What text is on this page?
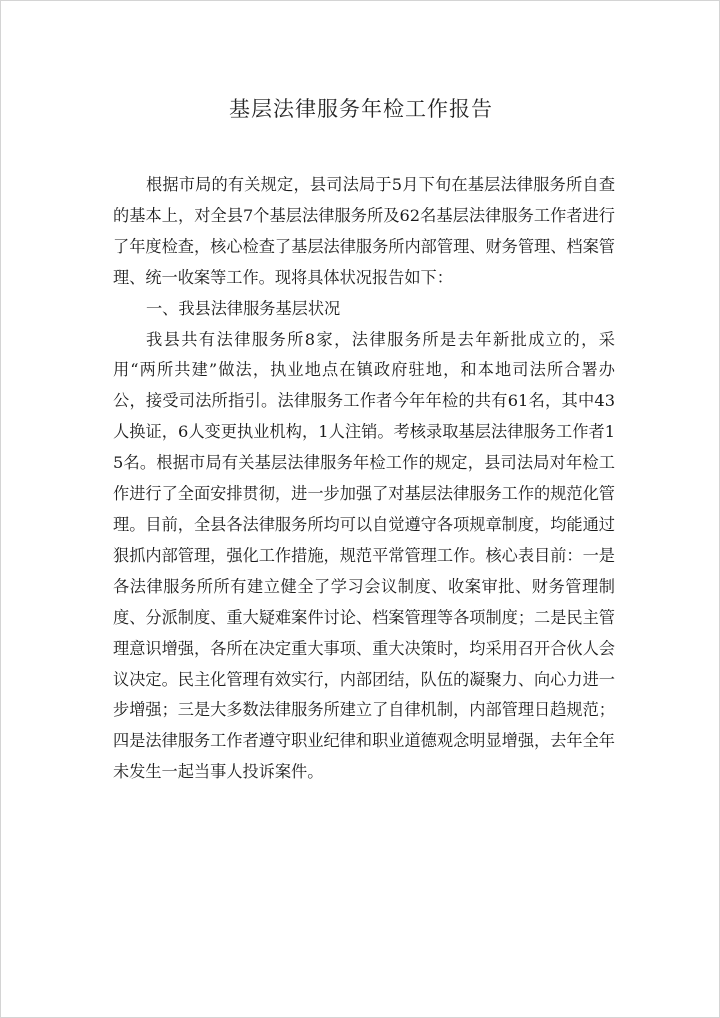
基层法律服务年检工作报告

根据市局的有关规定，县司法局于5月下旬在基层法律服务所自查的基本上，对全县7个基层法律服务所及62名基层法律服务工作者进行了年度检查，核心检查了基层法律服务所内部管理、财务管理、档案管理、统一收案等工作。现将具体状况报告如下：

一、我县法律服务基层状况

我县共有法律服务所8家，法律服务所是去年新批成立的，采用“两所共建”做法，执业地点在镇政府驻地，和本地司法所合署办公，接受司法所指引。法律服务工作者今年年检的共有61名，其中43人换证，6人变更执业机构，1人注销。考核录取基层法律服务工作者15名。根据市局有关基层法律服务年检工作的规定，县司法局对年检工作进行了全面安排贯彻，进一步加强了对基层法律服务工作的规范化管理。目前，全县各法律服务所均可以自觉遵守各项规章制度，均能通过狠抓内部管理，强化工作措施，规范平常管理工作。核心表目前：一是各法律服务所所有建立健全了学习会议制度、收案审批、财务管理制度、分派制度、重大疑难案件讨论、档案管理等各项制度；二是民主管理意识增强，各所在决定重大事项、重大决策时，均采用召开合伙人会议决定。民主化管理有效实行，内部团结，队伍的凝聚力、向心力进一步增强；三是大多数法律服务所建立了自律机制，内部管理日趋规范；四是法律服务工作者遵守职业纪律和职业道德观念明显增强，去年全年未发生一起当事人投诉案件。
